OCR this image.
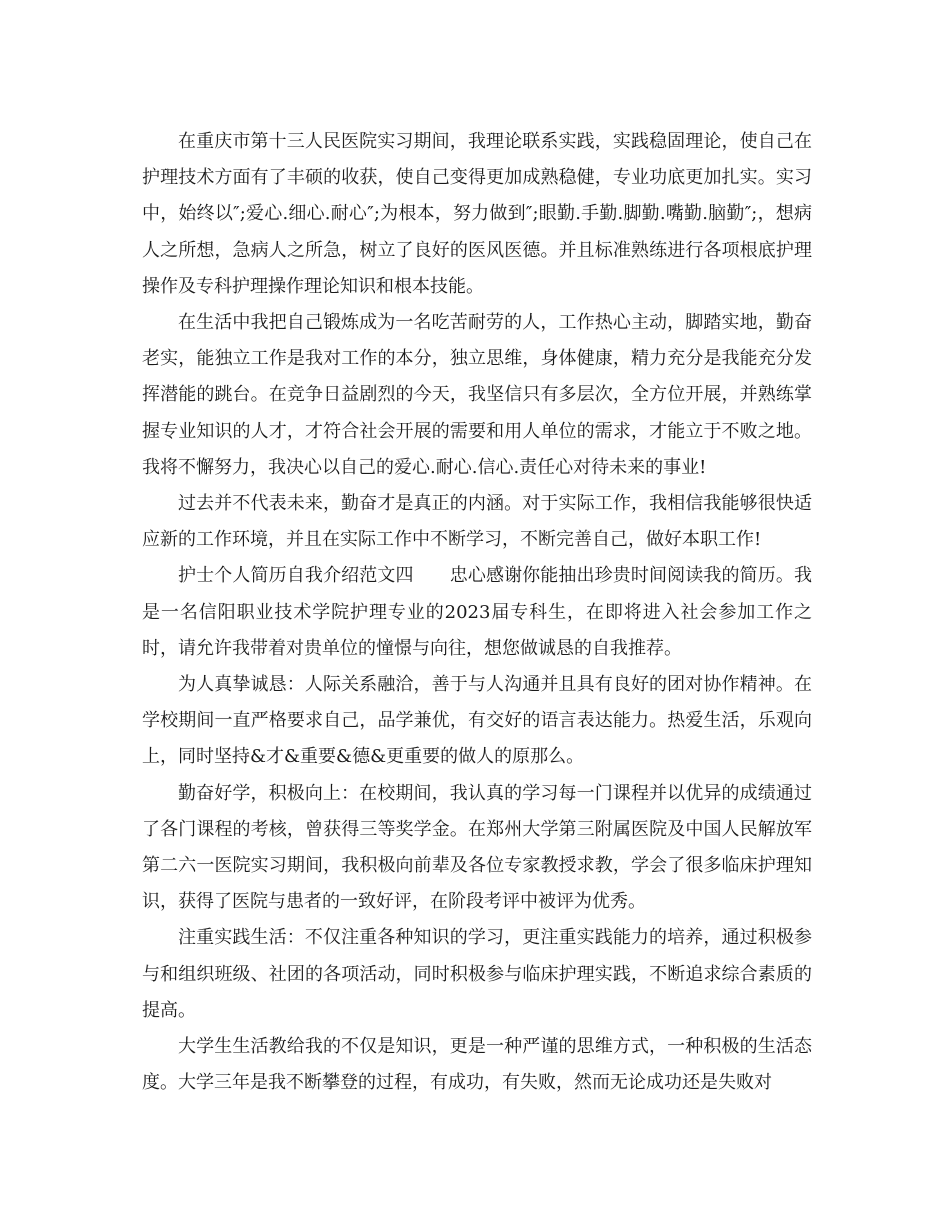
在重庆市第十三人民医院实习期间，我理论联系实践，实践稳固理论，使自己在护理技术方面有了丰硕的收获，使自己变得更加成熟稳健，专业功底更加扎实。实习中，始终以″;爱心.细心.耐心″;为根本，努力做到″;眼勤.手勤.脚勤.嘴勤.脑勤″;，想病人之所想，急病人之所急，树立了良好的医风医德。并且标准熟练进行各项根底护理操作及专科护理操作理论知识和根本技能。

在生活中我把自己锻炼成为一名吃苦耐劳的人，工作热心主动，脚踏实地，勤奋老实，能独立工作是我对工作的本分，独立思维，身体健康，精力充分是我能充分发挥潜能的跳台。在竞争日益剧烈的今天，我坚信只有多层次，全方位开展，并熟练掌握专业知识的人才，才符合社会开展的需要和用人单位的需求，才能立于不败之地。我将不懈努力，我决心以自己的爱心.耐心.信心.责任心对待未来的事业!

过去并不代表未来，勤奋才是真正的内涵。对于实际工作，我相信我能够很快适应新的工作环境，并且在实际工作中不断学习，不断完善自己，做好本职工作!

护士个人简历自我介绍范文四 忠心感谢你能抽出珍贵时间阅读我的简历。我是一名信阳职业技术学院护理专业的2023届专科生，在即将进入社会参加工作之时，请允许我带着对贵单位的憧憬与向往，想您做诚恳的自我推荐。

为人真挚诚恳：人际关系融洽，善于与人沟通并且具有良好的团对协作精神。在学校期间一直严格要求自己，品学兼优，有交好的语言表达能力。热爱生活，乐观向上，同时坚持&才&重要&德&更重要的做人的原那么。

勤奋好学，积极向上：在校期间，我认真的学习每一门课程并以优异的成绩通过了各门课程的考核，曾获得三等奖学金。在郑州大学第三附属医院及中国人民解放军第二六一医院实习期间，我积极向前辈及各位专家教授求教，学会了很多临床护理知识，获得了医院与患者的一致好评，在阶段考评中被评为优秀。

注重实践生活：不仅注重各种知识的学习，更注重实践能力的培养，通过积极参与和组织班级、社团的各项活动，同时积极参与临床护理实践，不断追求综合素质的提高。

大学生生活教给我的不仅是知识，更是一种严谨的思维方式，一种积极的生活态度。大学三年是我不断攀登的过程，有成功，有失败，然而无论成功还是失败对
